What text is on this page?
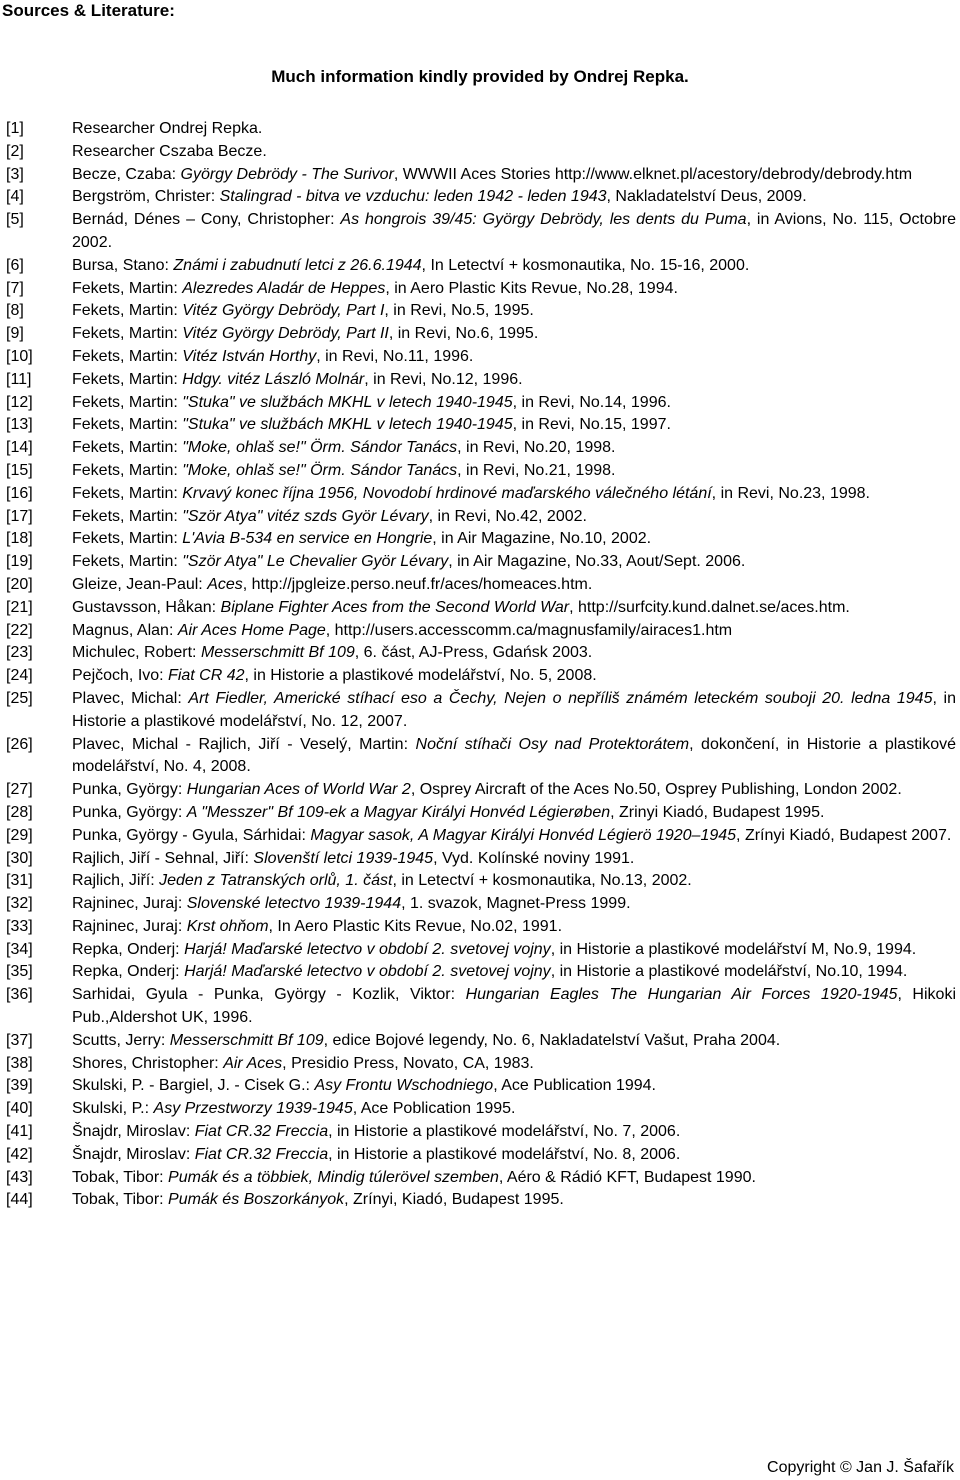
Sources & Literature:
Much information kindly provided by Ondrej Repka.
[1]	Researcher Ondrej Repka.
[2]	Researcher Cszaba Becze.
[3]	Becze, Czaba: György Debrödy - The Surivor, WWWII Aces Stories http://www.elknet.pl/acestory/debrody/debrody.htm
[4]	Bergström, Christer: Stalingrad - bitva ve vzduchu: leden 1942 - leden 1943, Nakladatelství Deus, 2009.
[5]	Bernád, Dénes – Cony, Christopher: As hongrois 39/45: György Debrödy, les dents du Puma, in Avions, No. 115, Octobre 2002.
[6]	Bursa, Stano: Známi i zabudnutí letci z 26.6.1944, In Letectví + kosmonautika, No. 15-16, 2000.
[7]	Fekets, Martin: Alezredes Aladár de Heppes, in Aero Plastic Kits Revue, No.28, 1994.
[8]	Fekets, Martin: Vitéz György Debrödy, Part I, in Revi, No.5, 1995.
[9]	Fekets, Martin: Vitéz György Debrödy, Part II, in Revi, No.6, 1995.
[10]	Fekets, Martin: Vitéz István Horthy, in Revi, No.11, 1996.
[11]	Fekets, Martin: Hdgy. vitéz László Molnár, in Revi, No.12, 1996.
[12]	Fekets, Martin: "Stuka" ve službách MKHL v letech 1940-1945, in Revi, No.14, 1996.
[13]	Fekets, Martin: "Stuka" ve službách MKHL v letech 1940-1945, in Revi, No.15, 1997.
[14]	Fekets, Martin: "Moke, ohlaš se!" Örm. Sándor Tanács, in Revi, No.20, 1998.
[15]	Fekets, Martin: "Moke, ohlaš se!" Örm. Sándor Tanács, in Revi, No.21, 1998.
[16]	Fekets, Martin: Krvavý konec října 1956, Novodobí hrdinové maďarského válečného létání, in Revi, No.23, 1998.
[17]	Fekets, Martin: "Ször Atya" vitéz szds Györ Lévary, in Revi, No.42, 2002.
[18]	Fekets, Martin: L'Avia B-534 en service en Hongrie, in Air Magazine, No.10, 2002.
[19]	Fekets, Martin: "Ször Atya" Le Chevalier Györ Lévary, in Air Magazine, No.33, Aout/Sept. 2006.
[20]	Gleize, Jean-Paul: Aces, http://jpgleize.perso.neuf.fr/aces/homeaces.htm.
[21]	Gustavsson, Håkan: Biplane Fighter Aces from the Second World War, http://surfcity.kund.dalnet.se/aces.htm.
[22]	Magnus, Alan: Air Aces Home Page, http://users.accesscomm.ca/magnusfamily/airaces1.htm
[23]	Michulec, Robert: Messerschmitt Bf 109, 6. část, AJ-Press, Gdańsk 2003.
[24]	Pejčoch, Ivo: Fiat CR 42, in Historie a plastikové modelářství, No. 5, 2008.
[25]	Plavec, Michal: Art Fiedler, Americké stíhací eso a Čechy, Nejen o nepříliš známém leteckém souboji 20. ledna 1945, in Historie a plastikové modelářství, No. 12, 2007.
[26]	Plavec, Michal - Rajlich, Jiří - Veselý, Martin: Noční stíhači Osy nad Protektorátem, dokončení, in Historie a plastikové modelářství, No. 4, 2008.
[27]	Punka, György: Hungarian Aces of World War 2, Osprey Aircraft of the Aces No.50, Osprey Publishing, London 2002.
[28]	Punka, György: A "Messzer" Bf 109-ek a Magyar Királyi Honvéd Légierøben, Zrinyi Kiadó, Budapest 1995.
[29]	Punka, György - Gyula, Sárhidai: Magyar sasok, A Magyar Királyi Honvéd Légierö 1920–1945, Zrínyi Kiadó, Budapest 2007.
[30]	Rajlich, Jiří - Sehnal, Jiří: Slovenští letci 1939-1945, Vyd. Kolínské noviny 1991.
[31]	Rajlich, Jiří: Jeden z Tatranských orlů, 1. část, in Letectví + kosmonautika, No.13, 2002.
[32]	Rajninec, Juraj: Slovenské letectvo 1939-1944, 1. svazok, Magnet-Press 1999.
[33]	Rajninec, Juraj: Krst ohňom, In Aero Plastic Kits Revue, No.02, 1991.
[34]	Repka, Onderj: Harjá! Maďarské letectvo v období 2. svetovej vojny, in Historie a plastikové modelářství M, No.9, 1994.
[35]	Repka, Onderj: Harjá! Maďarské letectvo v období 2. svetovej vojny, in Historie a plastikové modelářství, No.10, 1994.
[36]	Sarhidai, Gyula - Punka, György - Kozlik, Viktor: Hungarian Eagles The Hungarian Air Forces 1920-1945, Hikoki Pub.,Aldershot UK, 1996.
[37]	Scutts, Jerry: Messerschmitt Bf 109, edice Bojové legendy, No. 6, Nakladatelství Vašut, Praha 2004.
[38]	Shores, Christopher: Air Aces, Presidio Press, Novato, CA, 1983.
[39]	Skulski, P. - Bargiel, J. - Cisek G.: Asy Frontu Wschodniego, Ace Publication 1994.
[40]	Skulski, P.: Asy Przestworzy 1939-1945, Ace Poblication 1995.
[41]	Šnajdr, Miroslav: Fiat CR.32 Freccia, in Historie a plastikové modelářství, No. 7, 2006.
[42]	Šnajdr, Miroslav: Fiat CR.32 Freccia, in Historie a plastikové modelářství, No. 8, 2006.
[43]	Tobak, Tibor: Pumák és a többiek, Mindig túlerövel szemben, Aéro & Rádió KFT, Budapest 1990.
[44]	Tobak, Tibor: Pumák és Boszorkányok, Zrínyi, Kiadó, Budapest 1995.
Copyright © Jan J. Šafařík
